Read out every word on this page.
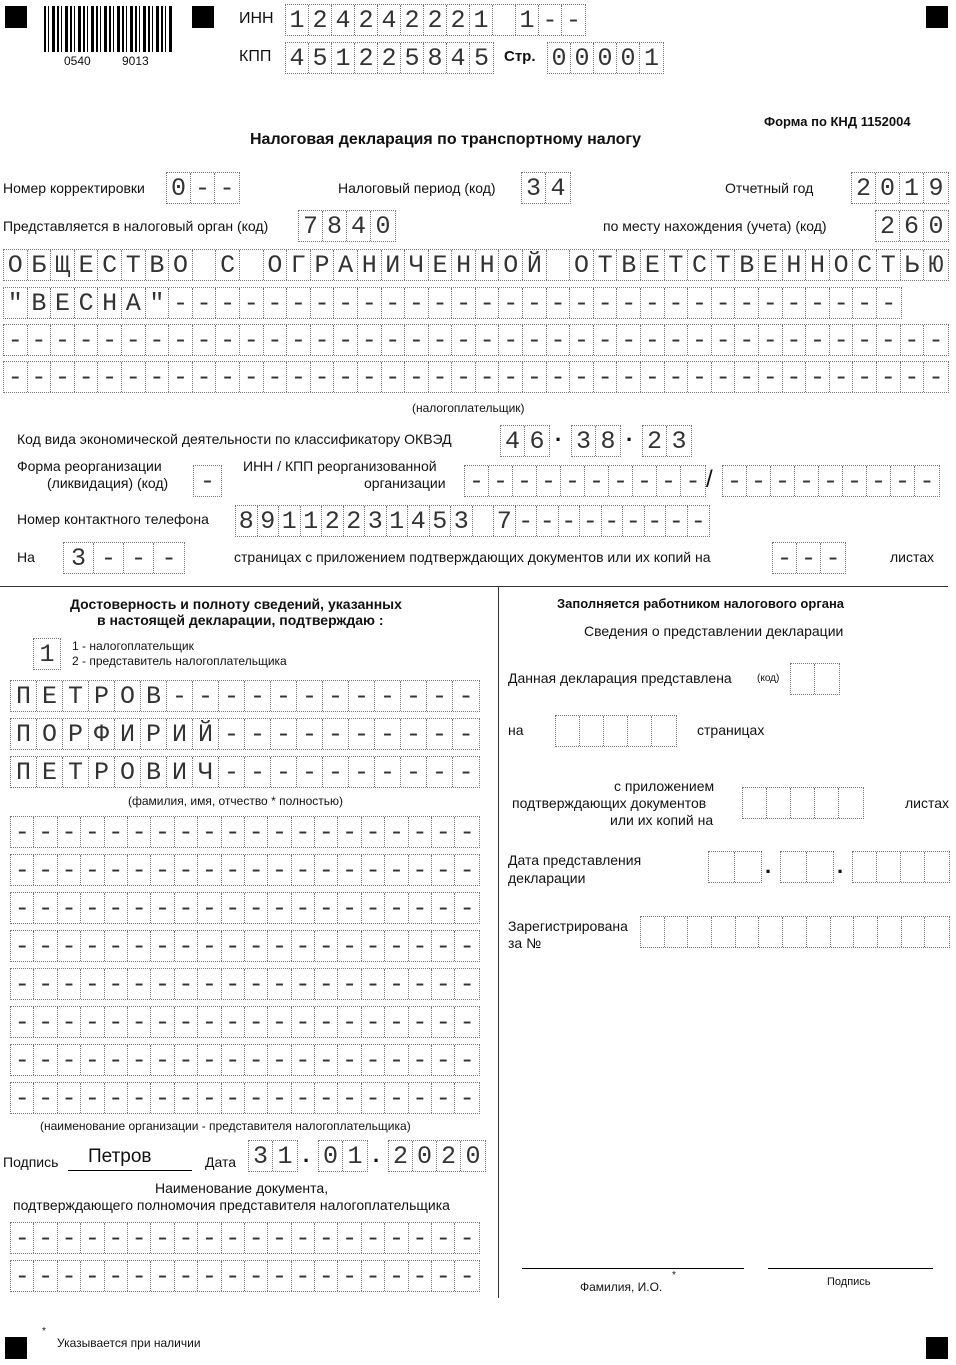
0540	9013
ИНН 1 2 4 2 4 2 2 2 1 1 - -
КПП 4 5 1 2 2 5 8 4 5 Стр. 0 0 0 0 1
Форма по КНД 1152004
Налоговая декларация по транспортному налогу
Номер корректировки 0 - -	Налоговый период (код) 3 4	Отчетный год 2 0 1 9
Представляется в налоговый орган (код) 7 8 4 0	по месту нахождения (учета) (код) 2 6 0
О Б Щ Е С Т В О С О Г Р А Н И Ч Е Н Н О Й О Т В Е Т С Т В Е Н Н О С Т Ь Ю
" В Е С Н А " - - - - - - - - - - - - - - - - - - - - - - - - - - - - - - -
- - - - - - - - - - - - - - - - - - - - - - - - - - - - - - - - - - - - - - - -
- - - - - - - - - - - - - - - - - - - - - - - - - - - - - - - - - - - - - - - -
(налогоплательщик)
Код вида экономической деятельности по классификатору ОКВЭД 4 6 · 3 8 · 2 3
Форма реорганизации
(ликвидация) (код) -
ИНН / КПП реорганизованной
организации - - - - - - - - - - / - - - - - - - - -
Номер контактного телефона 8 9 1 1 2 2 3 1 4 5 3 7 - - - - - - - - -
На 3 - - -	страницах с приложением подтверждающих документов или их копий на	- - -	листах
Достоверность и полноту сведений, указанных
в настоящей декларации, подтверждаю :
1	1 - налогоплательщик
2 - представитель налогоплательщика
П Е Т Р О В - - - - - - - - - - - -
П О Р Ф И Р И Й - - - - - - - - - -
П Е Т Р О В И Ч - - - - - - - - - -
(фамилия, имя, отчество * полностью)
- - - - - - - - - - - - - - - - - - - -
- - - - - - - - - - - - - - - - - - - -
- - - - - - - - - - - - - - - - - - - -
- - - - - - - - - - - - - - - - - - - -
- - - - - - - - - - - - - - - - - - - -
- - - - - - - - - - - - - - - - - - - -
- - - - - - - - - - - - - - - - - - - -
- - - - - - - - - - - - - - - - - - - -
(наименование организации - представителя налогоплательщика)
Подпись Петров	Дата 3 1 . 0 1 . 2 0 2 0
Наименование документа,
подтверждающего полномочия представителя налогоплательщика
- - - - - - - - - - - - - - - - - - - -
- - - - - - - - - - - - - - - - - - - -
Заполняется работником налогового органа
Сведения о представлении декларации
Данная декларация представлена	(код)
на	страницах
с приложением
подтверждающих документов
или их копий на
листах
Дата представления
декларации	.	.
Зарегистрирована
за №
Фамилия, И.О.
*
Подпись
*
Указывается при наличии
